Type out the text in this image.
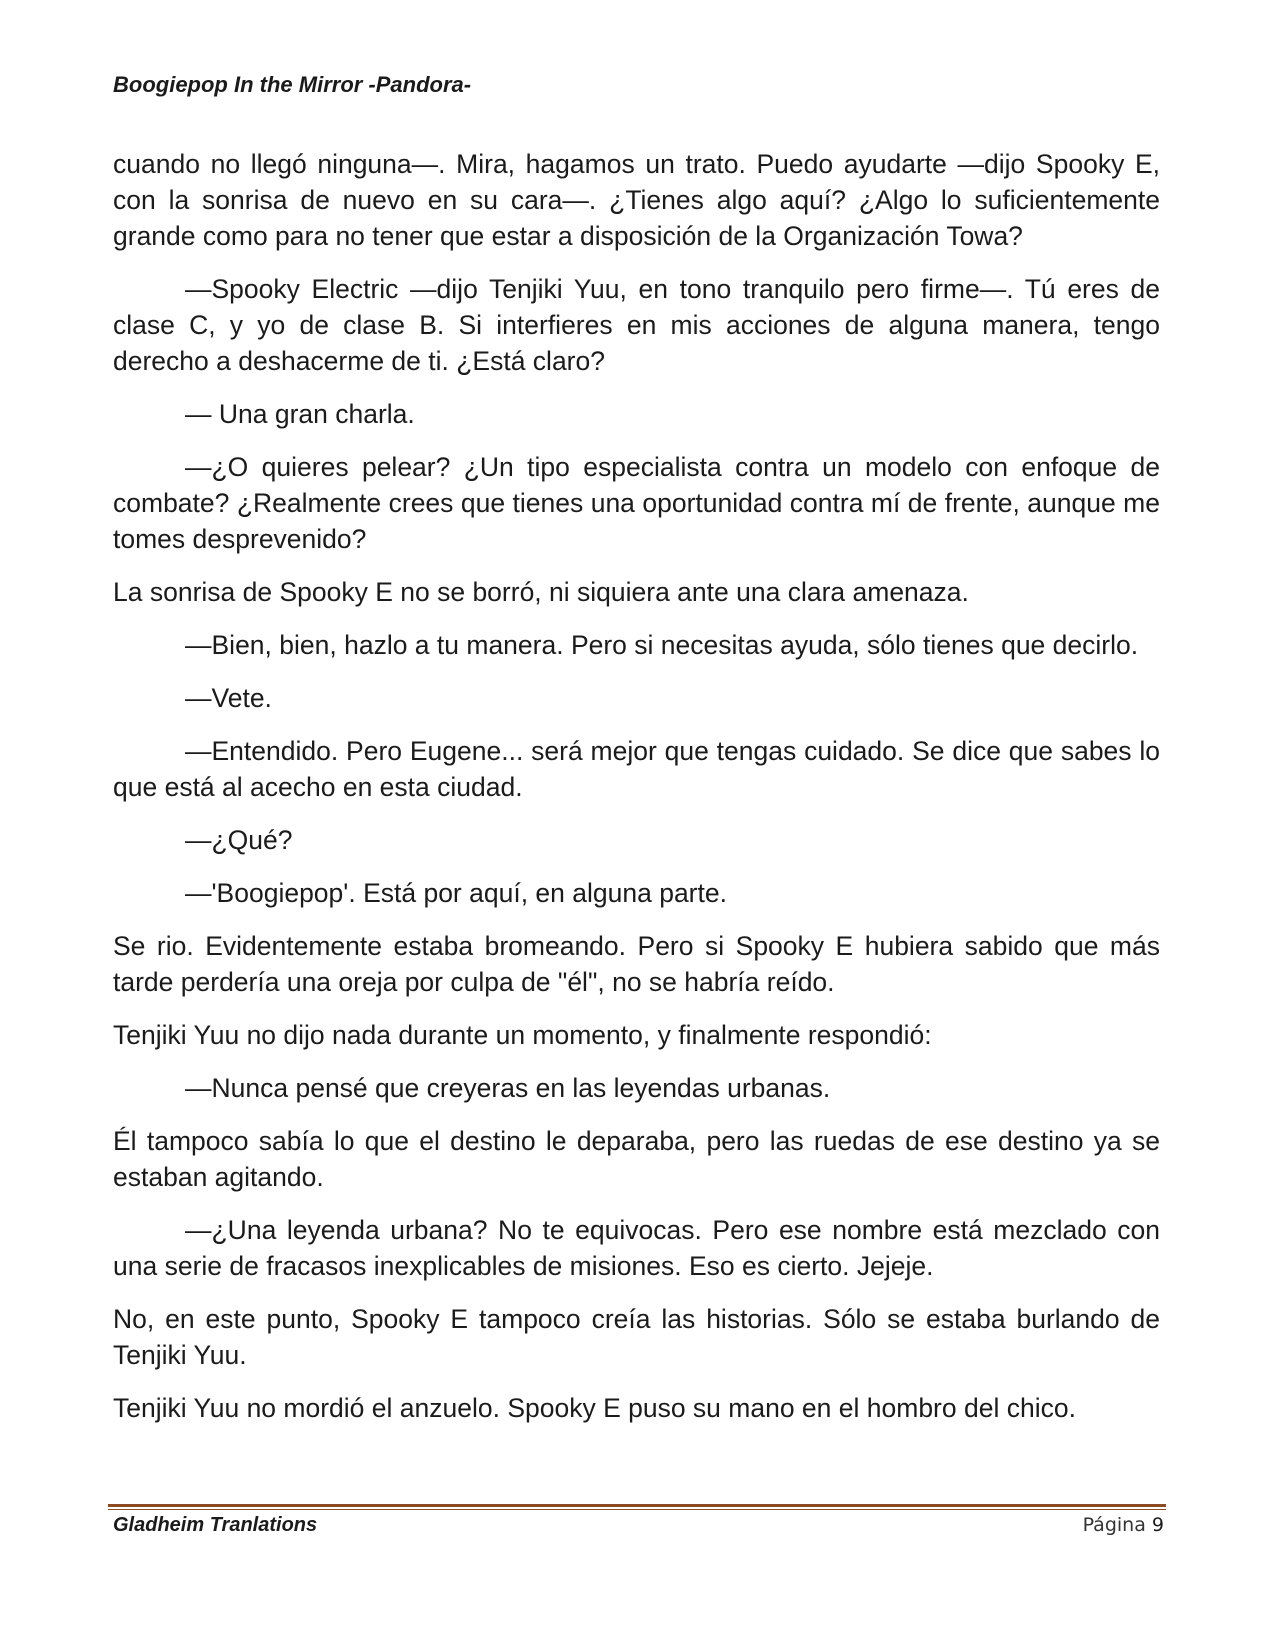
Boogiepop In the Mirror -Pandora-

cuando no llegó ninguna—. Mira, hagamos un trato. Puedo ayudarte —dijo Spooky E, con la sonrisa de nuevo en su cara—. ¿Tienes algo aquí? ¿Algo lo suficientemente grande como para no tener que estar a disposición de la Organización Towa?

—Spooky Electric —dijo Tenjiki Yuu, en tono tranquilo pero firme—. Tú eres de clase C, y yo de clase B. Si interfieres en mis acciones de alguna manera, tengo derecho a deshacerme de ti. ¿Está claro?

— Una gran charla.

—¿O quieres pelear? ¿Un tipo especialista contra un modelo con enfoque de combate? ¿Realmente crees que tienes una oportunidad contra mí de frente, aunque me tomes desprevenido?

La sonrisa de Spooky E no se borró, ni siquiera ante una clara amenaza.

—Bien, bien, hazlo a tu manera. Pero si necesitas ayuda, sólo tienes que decirlo.

—Vete.

—Entendido. Pero Eugene... será mejor que tengas cuidado. Se dice que sabes lo que está al acecho en esta ciudad.

—¿Qué?

—'Boogiepop'. Está por aquí, en alguna parte.

Se rio. Evidentemente estaba bromeando. Pero si Spooky E hubiera sabido que más tarde perdería una oreja por culpa de "él", no se habría reído.

Tenjiki Yuu no dijo nada durante un momento, y finalmente respondió:

—Nunca pensé que creyeras en las leyendas urbanas.

Él tampoco sabía lo que el destino le deparaba, pero las ruedas de ese destino ya se estaban agitando.

—¿Una leyenda urbana? No te equivocas. Pero ese nombre está mezclado con una serie de fracasos inexplicables de misiones. Eso es cierto. Jejeje.

No, en este punto, Spooky E tampoco creía las historias. Sólo se estaba burlando de Tenjiki Yuu.

Tenjiki Yuu no mordió el anzuelo. Spooky E puso su mano en el hombro del chico.

Gladheim Tranlations	Página 9
